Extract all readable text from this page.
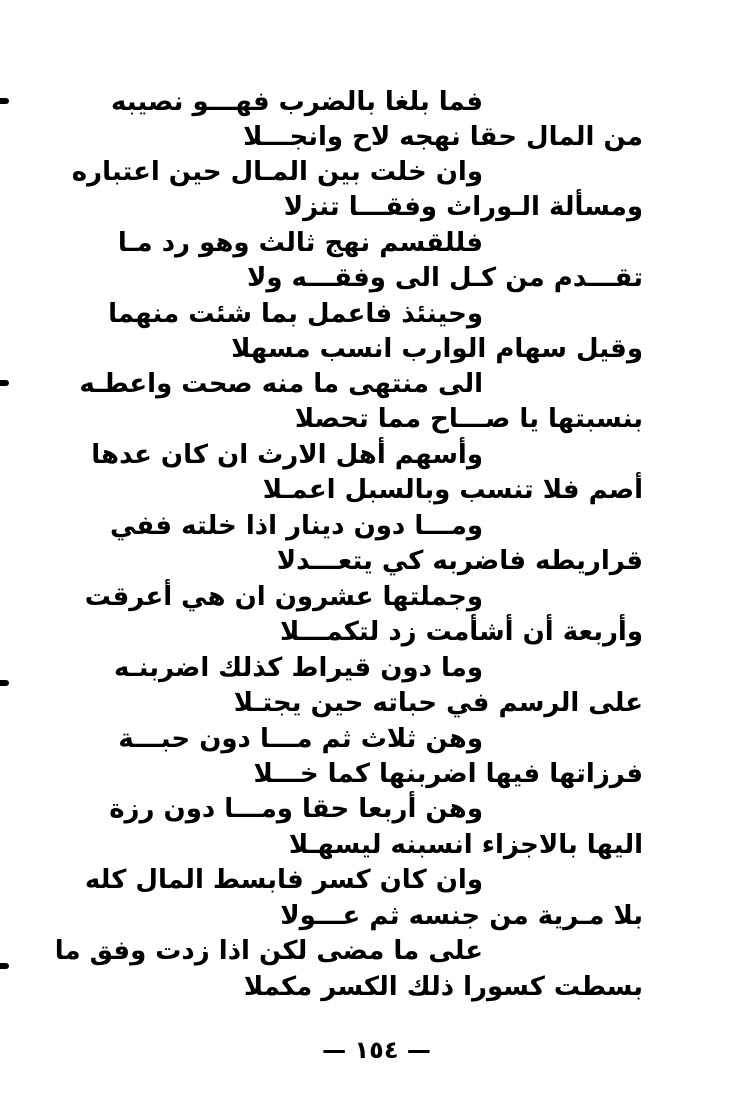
فما بلغا بالضرب فهـــو نصيبه
من المال حقا نهجه لاح وانجـــلا
وان خلت بين المـال حين اعتباره
ومسألة الـوراث وفقـــا تنزلا
فللقسم نهج ثالث وهو رد مـا
تقـــدم من كـل الى وفقـــه ولا
وحينئذ فاعمل بما شئت منهما
وقيل سهام الوارب انسب مسهلا
الى منتهى ما منه صحت واعطـه
بنسبتها يا صـــاح مما تحصلا
وأسهم أهل الارث ان كان عدها
أصم فلا تنسب وبالسبل اعمـلا
ومـــا دون دينار اذا خلته ففي
قراريطه فاضربه كي يتعـــدلا
وجملتها عشرون ان هي أعرقت
وأربعة أن أشأمت زد لتكمـــلا
وما دون قيراط كذلك اضربنـه
على الرسم في حباته حين يجتـلا
وهن ثلاث ثم مـــا دون حبـــة
فرزاتها فيها اضربنها كما خـــلا
وهن أربعا حقا ومـــا دون رزة
اليها بالاجزاء انسبنه ليسهـلا
وان كان كسر فابسط المال كله
بلا مـرية من جنسه ثم عـــولا
على ما مضى لكن اذا زدت وفق ما
بسطت كسورا ذلك الكسر مكملا
— ١٥٤ —
